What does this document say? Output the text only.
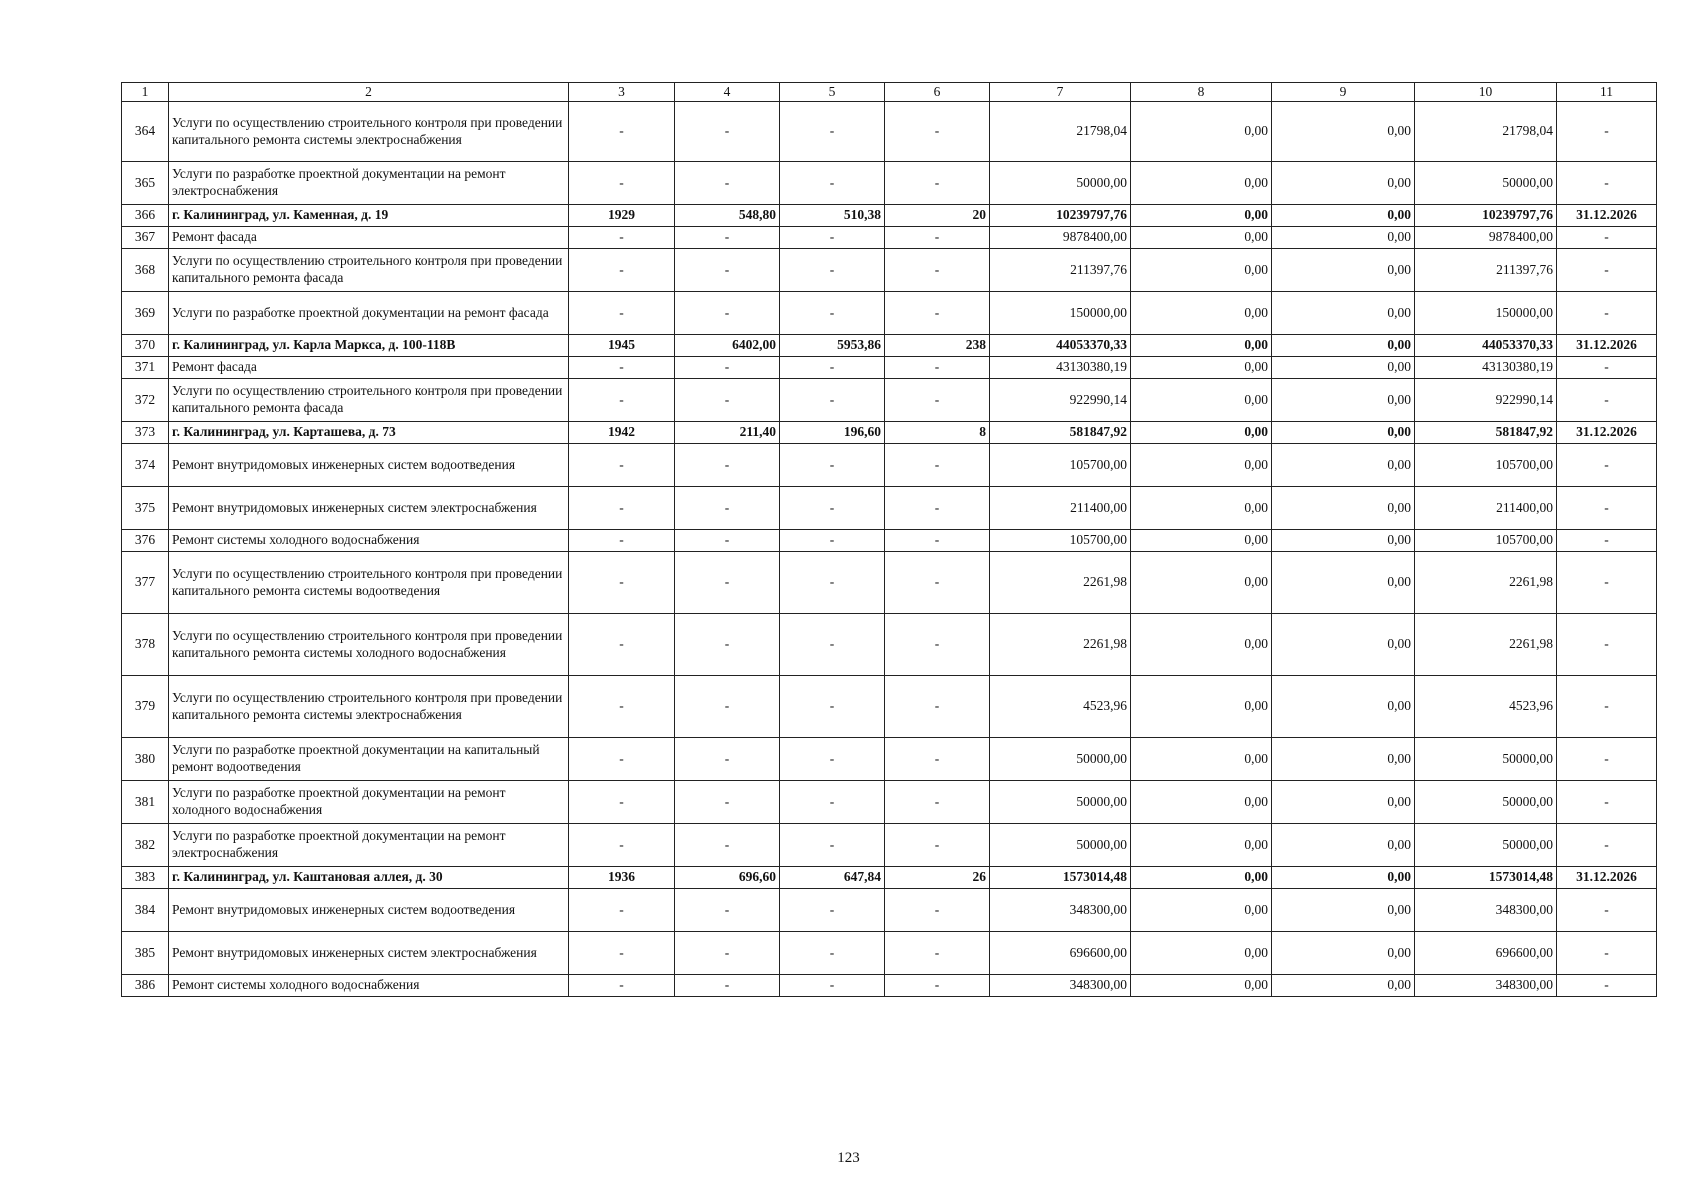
1	2	3	4	5	6	7	8	9	10	11
364	Услуги по осуществлению строительного контроля при проведении капитального ремонта системы электроснабжения	-	-	-	-	21798,04	0,00	0,00	21798,04	-
365	Услуги по разработке проектной документации на ремонт электроснабжения	-	-	-	-	50000,00	0,00	0,00	50000,00	-
366	г. Калининград, ул. Каменная, д. 19	1929	548,80	510,38	20	10239797,76	0,00	0,00	10239797,76	31.12.2026
367	Ремонт фасада	-	-	-	-	9878400,00	0,00	0,00	9878400,00	-
368	Услуги по осуществлению строительного контроля при проведении капитального ремонта фасада	-	-	-	-	211397,76	0,00	0,00	211397,76	-
369	Услуги по разработке проектной документации на ремонт фасада	-	-	-	-	150000,00	0,00	0,00	150000,00	-
370	г. Калининград, ул. Карла Маркса, д. 100-118В	1945	6402,00	5953,86	238	44053370,33	0,00	0,00	44053370,33	31.12.2026
371	Ремонт фасада	-	-	-	-	43130380,19	0,00	0,00	43130380,19	-
372	Услуги по осуществлению строительного контроля при проведении капитального ремонта фасада	-	-	-	-	922990,14	0,00	0,00	922990,14	-
373	г. Калининград, ул. Карташева, д. 73	1942	211,40	196,60	8	581847,92	0,00	0,00	581847,92	31.12.2026
374	Ремонт внутридомовых инженерных систем водоотведения	-	-	-	-	105700,00	0,00	0,00	105700,00	-
375	Ремонт внутридомовых инженерных систем электроснабжения	-	-	-	-	211400,00	0,00	0,00	211400,00	-
376	Ремонт системы холодного водоснабжения	-	-	-	-	105700,00	0,00	0,00	105700,00	-
377	Услуги по осуществлению строительного контроля при проведении капитального ремонта системы водоотведения	-	-	-	-	2261,98	0,00	0,00	2261,98	-
378	Услуги по осуществлению строительного контроля при проведении капитального ремонта системы холодного водоснабжения	-	-	-	-	2261,98	0,00	0,00	2261,98	-
379	Услуги по осуществлению строительного контроля при проведении капитального ремонта системы электроснабжения	-	-	-	-	4523,96	0,00	0,00	4523,96	-
380	Услуги по разработке проектной документации на капитальный ремонт водоотведения	-	-	-	-	50000,00	0,00	0,00	50000,00	-
381	Услуги по разработке проектной документации на ремонт холодного водоснабжения	-	-	-	-	50000,00	0,00	0,00	50000,00	-
382	Услуги по разработке проектной документации на ремонт электроснабжения	-	-	-	-	50000,00	0,00	0,00	50000,00	-
383	г. Калининград, ул. Каштановая аллея, д. 30	1936	696,60	647,84	26	1573014,48	0,00	0,00	1573014,48	31.12.2026
384	Ремонт внутридомовых инженерных систем водоотведения	-	-	-	-	348300,00	0,00	0,00	348300,00	-
385	Ремонт внутридомовых инженерных систем электроснабжения	-	-	-	-	696600,00	0,00	0,00	696600,00	-
386	Ремонт системы холодного водоснабжения	-	-	-	-	348300,00	0,00	0,00	348300,00	-
123
